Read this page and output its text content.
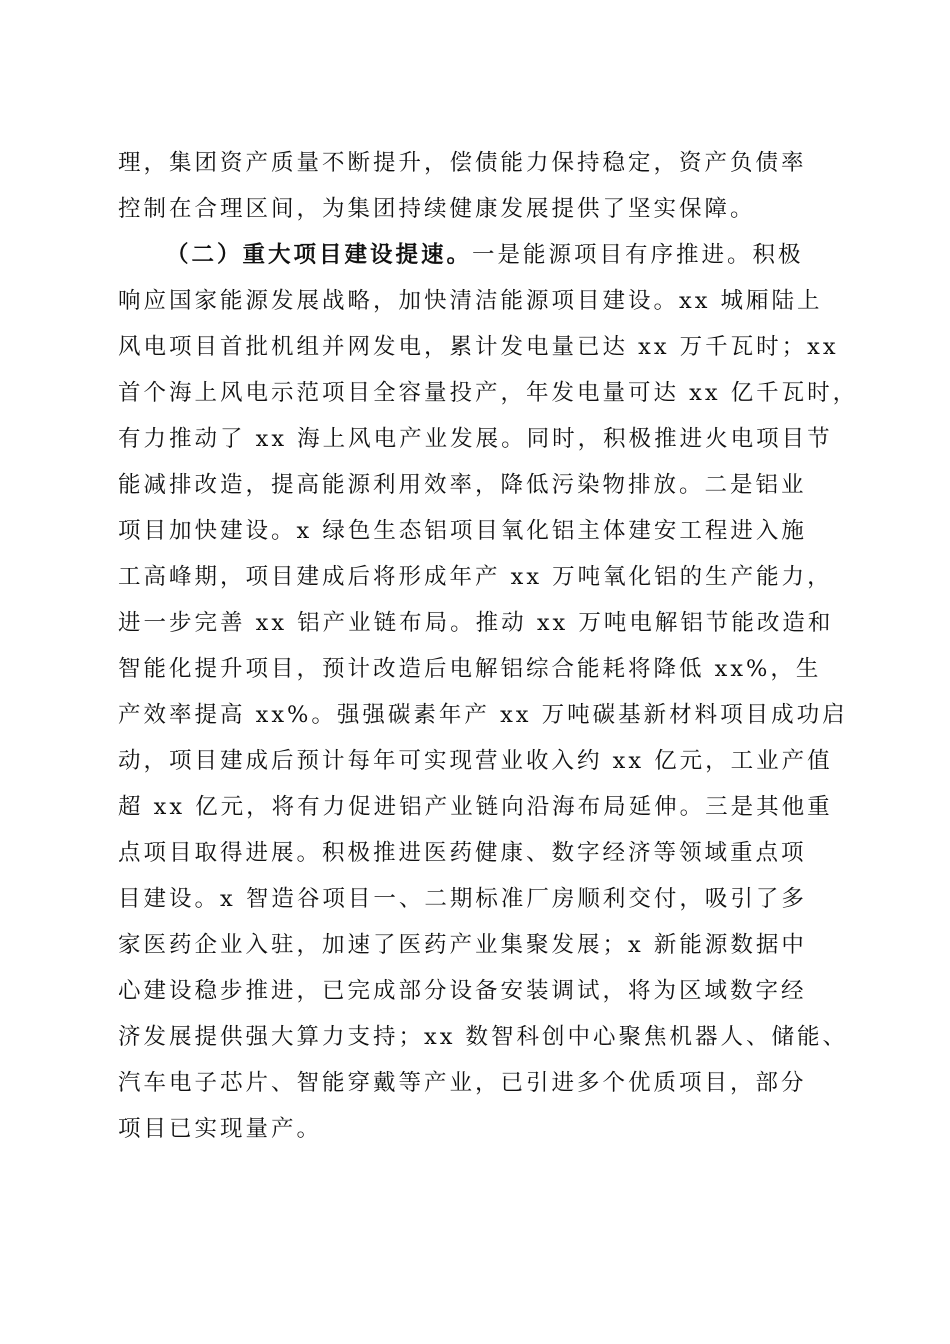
理，集团资产质量不断提升，偿债能力保持稳定，资产负债率
控制在合理区间，为集团持续健康发展提供了坚实保障。
（二）重大项目建设提速。一是能源项目有序推进。积极
响应国家能源发展战略，加快清洁能源项目建设。xx 城厢陆上
风电项目首批机组并网发电，累计发电量已达 xx 万千瓦时；xx
首个海上风电示范项目全容量投产，年发电量可达 xx 亿千瓦时，
有力推动了 xx 海上风电产业发展。同时，积极推进火电项目节
能减排改造，提高能源利用效率，降低污染物排放。二是铝业
项目加快建设。x 绿色生态铝项目氧化铝主体建安工程进入施
工高峰期，项目建成后将形成年产 xx 万吨氧化铝的生产能力，
进一步完善 xx 铝产业链布局。推动 xx 万吨电解铝节能改造和
智能化提升项目，预计改造后电解铝综合能耗将降低 xx%，生
产效率提高 xx%。强强碳素年产 xx 万吨碳基新材料项目成功启
动，项目建成后预计每年可实现营业收入约 xx 亿元，工业产值
超 xx 亿元，将有力促进铝产业链向沿海布局延伸。三是其他重
点项目取得进展。积极推进医药健康、数字经济等领域重点项
目建设。x 智造谷项目一、二期标准厂房顺利交付，吸引了多
家医药企业入驻，加速了医药产业集聚发展；x 新能源数据中
心建设稳步推进，已完成部分设备安装调试，将为区域数字经
济发展提供强大算力支持；xx 数智科创中心聚焦机器人、储能、
汽车电子芯片、智能穿戴等产业，已引进多个优质项目，部分
项目已实现量产。
